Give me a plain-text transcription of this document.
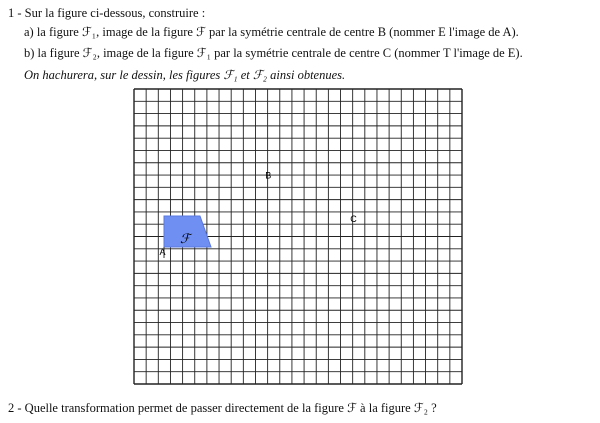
1 - Sur la figure ci-dessous, construire :
a) la figure ℱ₁, image de la figure ℱ par la symétrie centrale de centre B (nommer E l'image de A).
b) la figure ℱ₂, image de la figure ℱ₁ par la symétrie centrale de centre C (nommer T l'image de E).
On hachurera, sur le dessin, les figures ℱ₁ et ℱ₂ ainsi obtenues.
ℱ
B
C
A
2 - Quelle transformation permet de passer directement de la figure ℱ à la figure ℱ₂ ?
